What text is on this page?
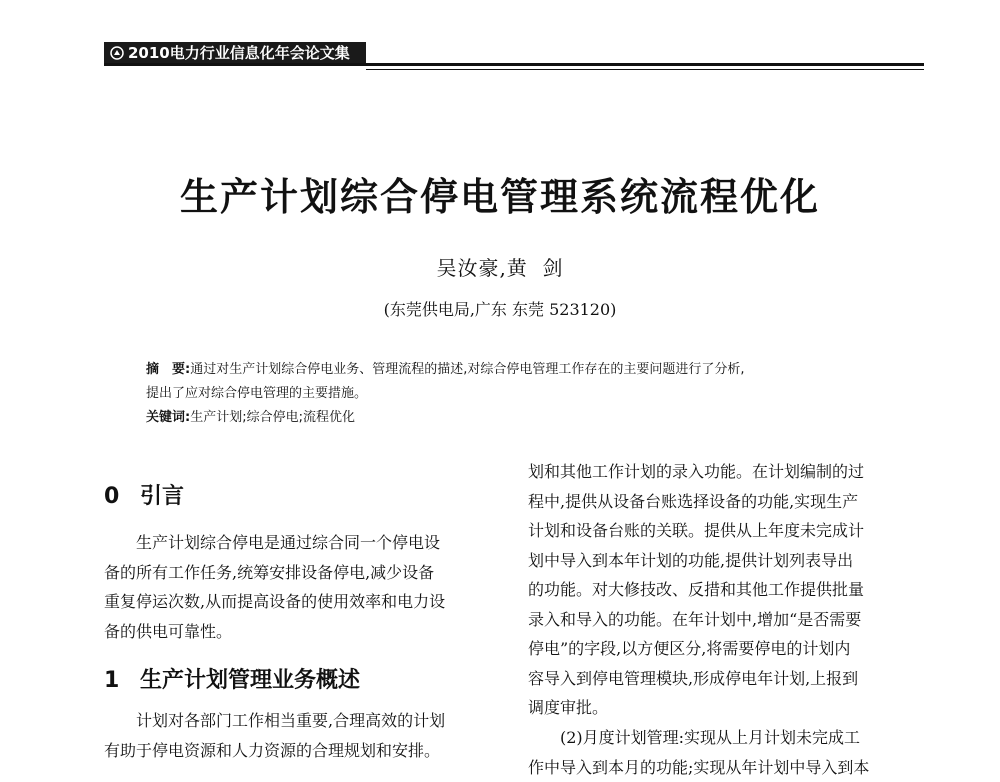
2010电力行业信息化年会论文集
生产计划综合停电管理系统流程优化
吴汝豪,黄  剑
(东莞供电局,广东 东莞 523120)
摘　要:通过对生产计划综合停电业务、管理流程的描述,对综合停电管理工作存在的主要问题进行了分析,
提出了应对综合停电管理的主要措施。
关键词:生产计划;综合停电;流程优化
0 引言
生产计划综合停电是通过综合同一个停电设
备的所有工作任务,统筹安排设备停电,减少设备
重复停运次数,从而提高设备的使用效率和电力设
备的供电可靠性。
1 生产计划管理业务概述
计划对各部门工作相当重要,合理高效的计划
有助于停电资源和人力资源的合理规划和安排。
划和其他工作计划的录入功能。在计划编制的过
程中,提供从设备台账选择设备的功能,实现生产
计划和设备台账的关联。提供从上年度未完成计
划中导入到本年计划的功能,提供计划列表导出
的功能。对大修技改、反措和其他工作提供批量
录入和导入的功能。在年计划中,增加“是否需要
停电”的字段,以方便区分,将需要停电的计划内
容导入到停电管理模块,形成停电年计划,上报到
调度审批。
(2)月度计划管理:实现从上月计划未完成工
作中导入到本月的功能;实现从年计划中导入到本
